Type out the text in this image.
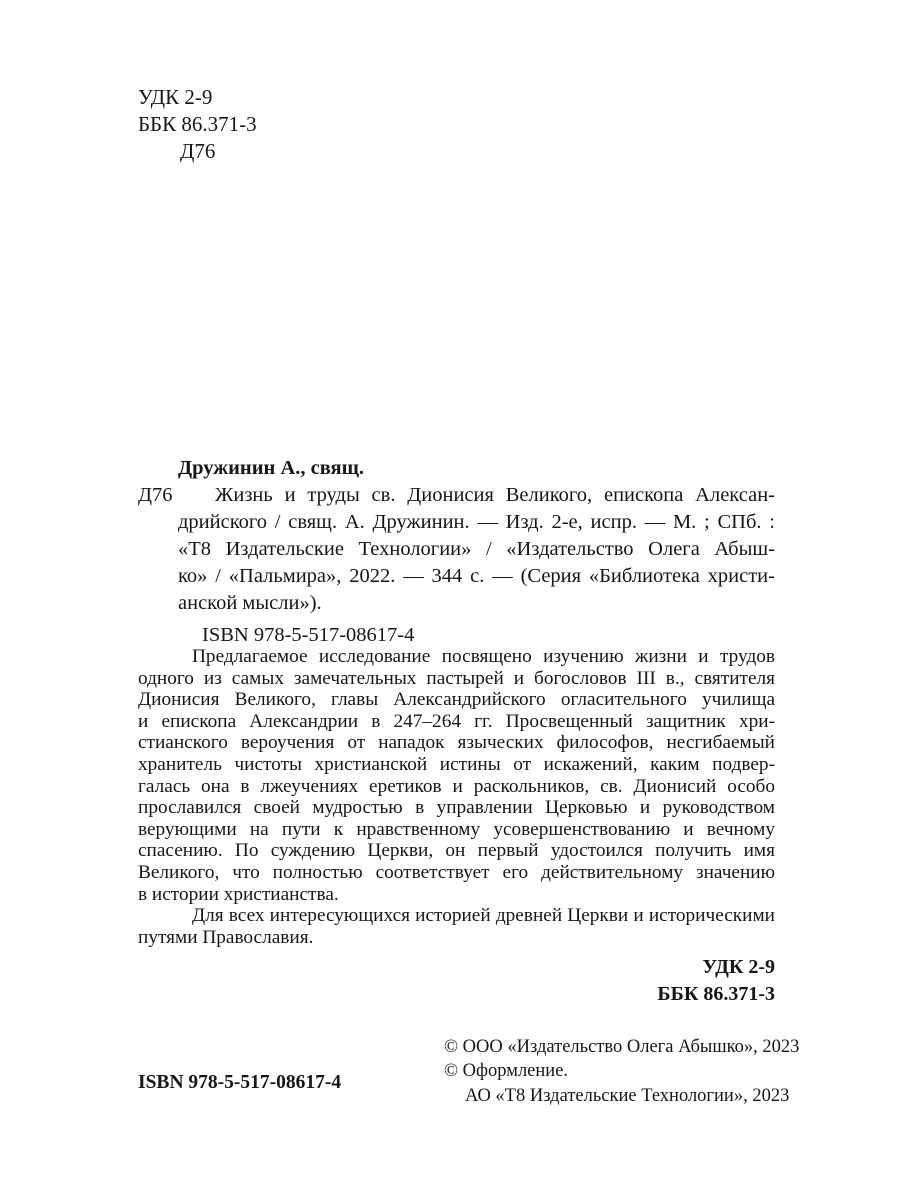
УДК 2-9
ББК 86.371-3
Д76
Дружинин А., свящ.
Д76	Жизнь и труды св. Дионисия Великого, епископа Алексан-
дрийского / свящ. А. Дружинин. — Изд. 2-е, испр. — М. ; СПб. :
«Т8 Издательские Технологии» / «Издательство Олега Абыш-
ко» / «Пальмира», 2022. — 344 с. — (Серия «Библиотека христи-
анской мысли»).
ISBN 978-5-517-08617-4
Предлагаемое исследование посвящено изучению жизни и трудов
одного из самых замечательных пастырей и богословов III в., святителя
Дионисия Великого, главы Александрийского огласительного училища
и епископа Александрии в 247–264 гг. Просвещенный защитник хри-
стианского вероучения от нападок языческих философов, несгибаемый
хранитель чистоты христианской истины от искажений, каким подвер-
галась она в лжеучениях еретиков и раскольников, св. Дионисий особо
прославился своей мудростью в управлении Церковью и руководством
верующими на пути к нравственному усовершенствованию и вечному
спасению. По суждению Церкви, он первый удостоился получить имя
Великого, что полностью соответствует его действительному значению
в истории христианства.
Для всех интересующихся историей древней Церкви и историческими
путями Православия.
УДК 2-9
ББК 86.371-3
ISBN 978-5-517-08617-4
© ООО «Издательство Олега Абышко», 2023
© Оформление.
АО «Т8 Издательские Технологии», 2023
